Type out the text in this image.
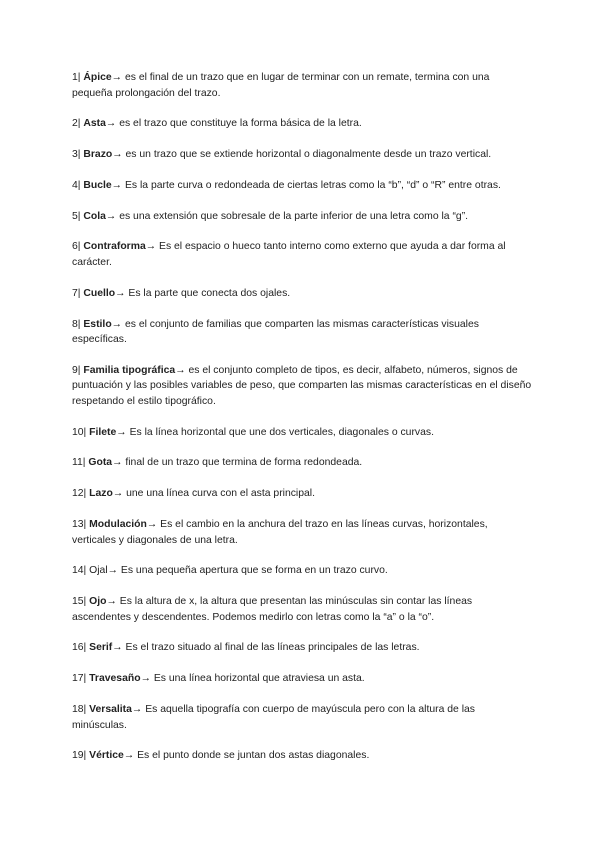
1| Ápice→ es el final de un trazo que en lugar de terminar con un remate, termina con una pequeña prolongación del trazo.

2| Asta→ es el trazo que constituye la forma básica de la letra.

3| Brazo→ es un trazo que se extiende horizontal o diagonalmente desde un trazo vertical.

4| Bucle→ Es la parte curva o redondeada de ciertas letras como la “b”, “d” o “R” entre otras.

5| Cola→ es una extensión que sobresale de la parte inferior de una letra como la “g”.

6| Contraforma→ Es el espacio o hueco tanto interno como externo que ayuda a dar forma al carácter.

7| Cuello→ Es la parte que conecta dos ojales.

8| Estilo→ es el conjunto de familias que comparten las mismas características visuales específicas.

9| Familia tipográfica→ es el conjunto completo de tipos, es decir, alfabeto, números, signos de puntuación y las posibles variables de peso, que comparten las mismas características en el diseño respetando el estilo tipográfico.

10| Filete→ Es la línea horizontal que une dos verticales, diagonales o curvas.

11| Gota→ final de un trazo que termina de forma redondeada.

12| Lazo→ une una línea curva con el asta principal.

13| Modulación→ Es el cambio en la anchura del trazo en las líneas curvas, horizontales, verticales y diagonales de una letra.

14| Ojal→ Es una pequeña apertura que se forma en un trazo curvo.

15| Ojo→ Es la altura de x, la altura que presentan las minúsculas sin contar las líneas ascendentes y descendentes. Podemos medirlo con letras como la “a” o la “o”.

16| Serif→ Es el trazo situado al final de las líneas principales de las letras.

17| Travesaño→ Es una línea horizontal que atraviesa un asta.

18| Versalita→ Es aquella tipografía con cuerpo de mayúscula pero con la altura de las minúsculas.

19| Vértice→ Es el punto donde se juntan dos astas diagonales.
